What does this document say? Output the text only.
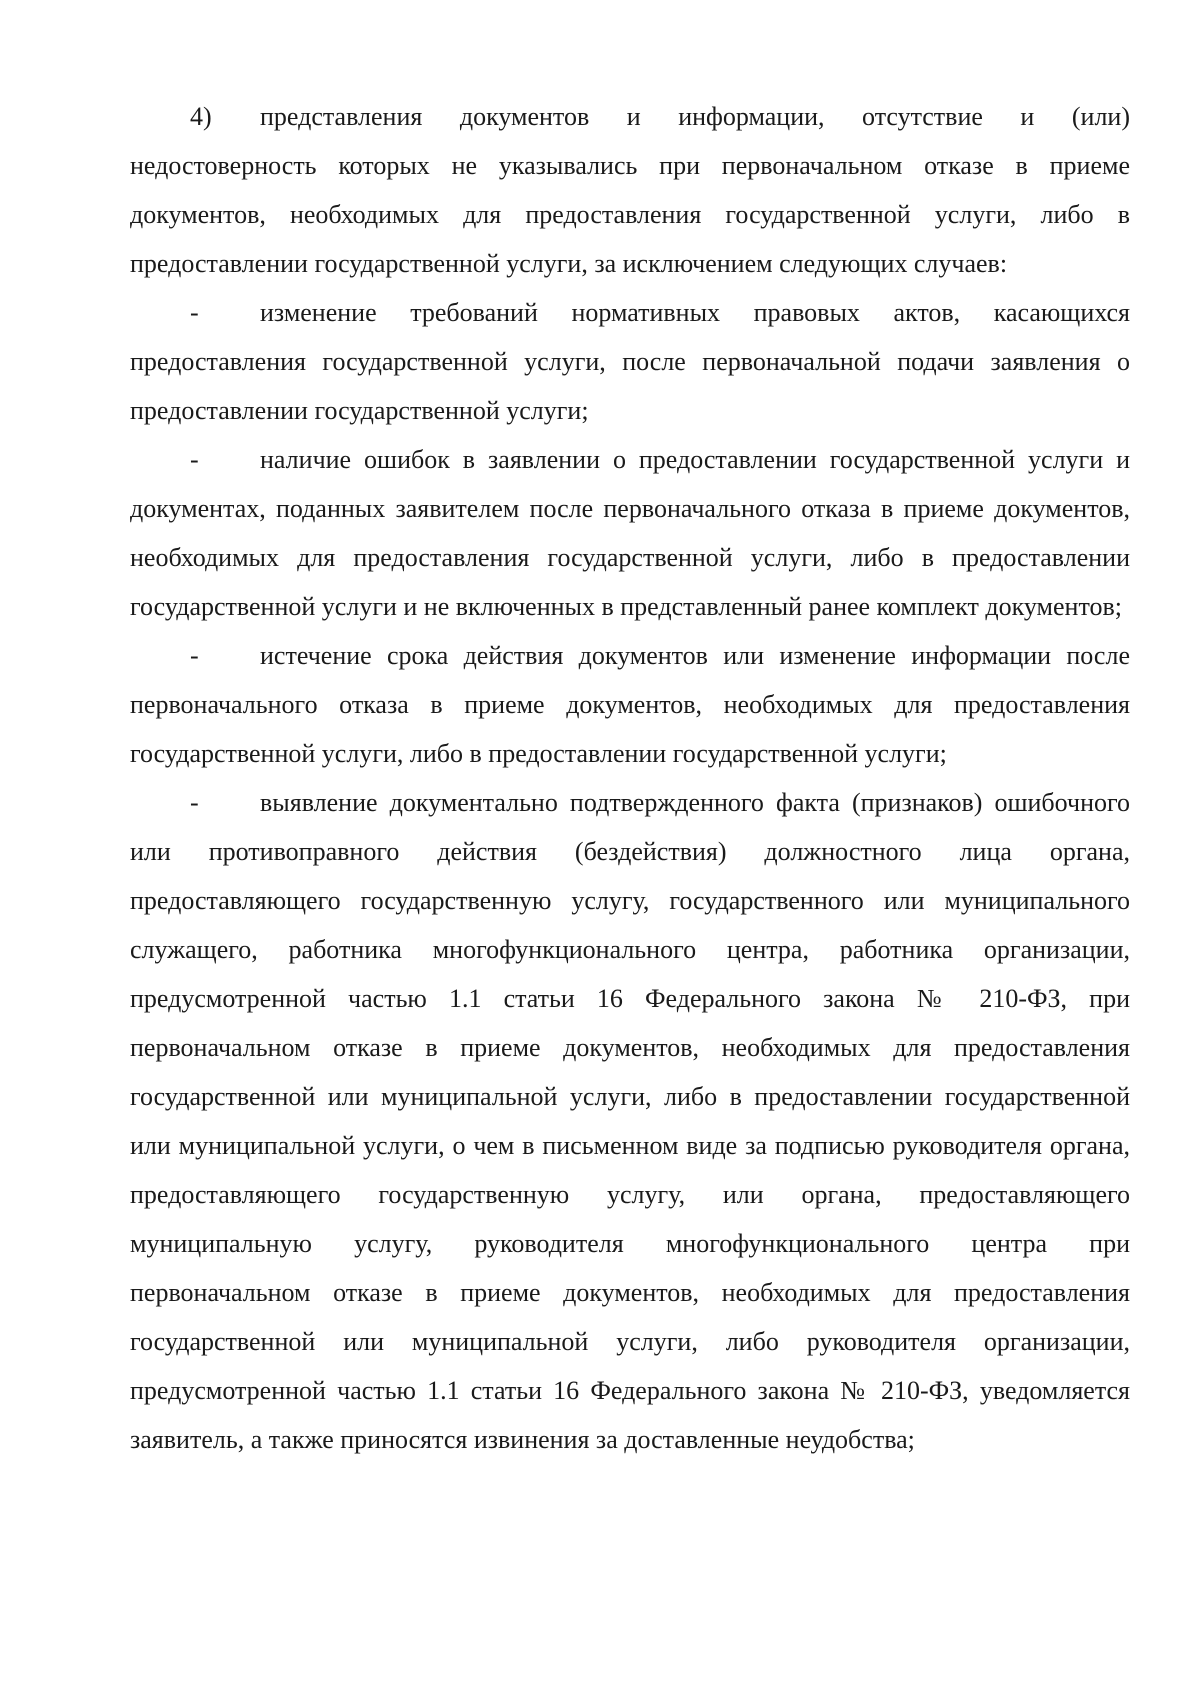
4) представления документов и информации, отсутствие и (или) недостоверность которых не указывались при первоначальном отказе в приеме документов, необходимых для предоставления государственной услуги, либо в предоставлении государственной услуги, за исключением следующих случаев:

- изменение требований нормативных правовых актов, касающихся предоставления государственной услуги, после первоначальной подачи заявления о предоставлении государственной услуги;

- наличие ошибок в заявлении о предоставлении государственной услуги и документах, поданных заявителем после первоначального отказа в приеме документов, необходимых для предоставления государственной услуги, либо в предоставлении государственной услуги и не включенных в представленный ранее комплект документов;

- истечение срока действия документов или изменение информации после первоначального отказа в приеме документов, необходимых для предоставления государственной услуги, либо в предоставлении государственной услуги;

- выявление документально подтвержденного факта (признаков) ошибочного или противоправного действия (бездействия) должностного лица органа, предоставляющего государственную услугу, государственного или муниципального служащего, работника многофункционального центра, работника организации, предусмотренной частью 1.1 статьи 16 Федерального закона № 210-ФЗ, при первоначальном отказе в приеме документов, необходимых для предоставления государственной или муниципальной услуги, либо в предоставлении государственной или муниципальной услуги, о чем в письменном виде за подписью руководителя органа, предоставляющего государственную услугу, или органа, предоставляющего муниципальную услугу, руководителя многофункционального центра при первоначальном отказе в приеме документов, необходимых для предоставления государственной или муниципальной услуги, либо руководителя организации, предусмотренной частью 1.1 статьи 16 Федерального закона № 210-ФЗ, уведомляется заявитель, а также приносятся извинения за доставленные неудобства;
